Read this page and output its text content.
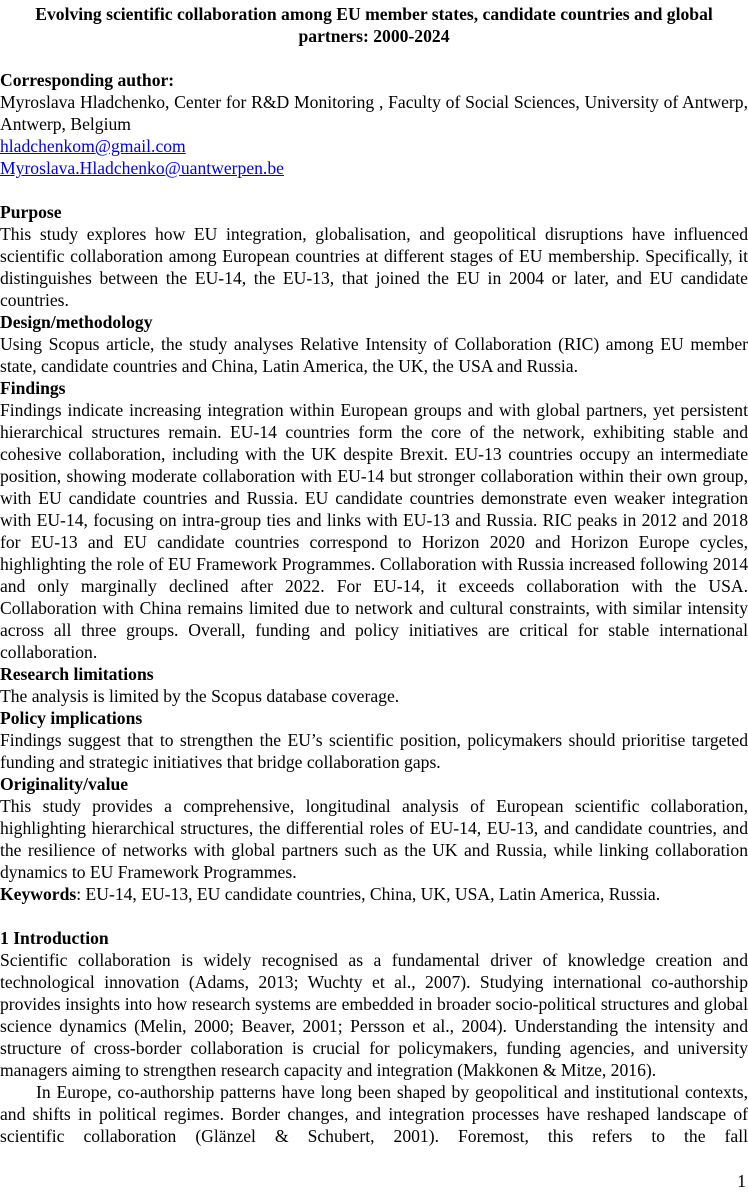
Evolving scientific collaboration among EU member states, candidate countries and global partners: 2000-2024
Corresponding author:

Myroslava Hladchenko, Center for R&D Monitoring , Faculty of Social Sciences, University of Antwerp, Antwerp, Belgium

hladchenkom@gmail.com
Myroslava.Hladchenko@uantwerpen.be
Purpose

This study explores how EU integration, globalisation, and geopolitical disruptions have influenced scientific collaboration among European countries at different stages of EU membership. Specifically, it distinguishes between the EU-14, the EU-13, that joined the EU in 2004 or later, and EU candidate countries.

Design/methodology

Using Scopus article, the study analyses Relative Intensity of Collaboration (RIC) among EU member state, candidate countries and China, Latin America, the UK, the USA and Russia.

Findings

Findings indicate increasing integration within European groups and with global partners, yet persistent hierarchical structures remain. EU-14 countries form the core of the network, exhibiting stable and cohesive collaboration, including with the UK despite Brexit. EU-13 countries occupy an intermediate position, showing moderate collaboration with EU-14 but stronger collaboration within their own group, with EU candidate countries and Russia. EU candidate countries demonstrate even weaker integration with EU-14, focusing on intra-group ties and links with EU-13 and Russia. RIC peaks in 2012 and 2018 for EU-13 and EU candidate countries correspond to Horizon 2020 and Horizon Europe cycles, highlighting the role of EU Framework Programmes. Collaboration with Russia increased following 2014 and only marginally declined after 2022. For EU-14, it exceeds collaboration with the USA. Collaboration with China remains limited due to network and cultural constraints, with similar intensity across all three groups. Overall, funding and policy initiatives are critical for stable international collaboration.

Research limitations

The analysis is limited by the Scopus database coverage.

Policy implications

Findings suggest that to strengthen the EU’s scientific position, policymakers should prioritise targeted funding and strategic initiatives that bridge collaboration gaps.

Originality/value

This study provides a comprehensive, longitudinal analysis of European scientific collaboration, highlighting hierarchical structures, the differential roles of EU-14, EU-13, and candidate countries, and the resilience of networks with global partners such as the UK and Russia, while linking collaboration dynamics to EU Framework Programmes.

Keywords: EU-14, EU-13, EU candidate countries, China, UK, USA, Latin America, Russia.

1 Introduction

Scientific collaboration is widely recognised as a fundamental driver of knowledge creation and technological innovation (Adams, 2013; Wuchty et al., 2007). Studying international co-authorship provides insights into how research systems are embedded in broader socio-political structures and global science dynamics (Melin, 2000; Beaver, 2001; Persson et al., 2004). Understanding the intensity and structure of cross-border collaboration is crucial for policymakers, funding agencies, and university managers aiming to strengthen research capacity and integration (Makkonen & Mitze, 2016).

In Europe, co-authorship patterns have long been shaped by geopolitical and institutional contexts, and shifts in political regimes. Border changes, and integration processes have reshaped landscape of scientific collaboration (Glänzel & Schubert, 2001). Foremost, this refers to the fall

1
